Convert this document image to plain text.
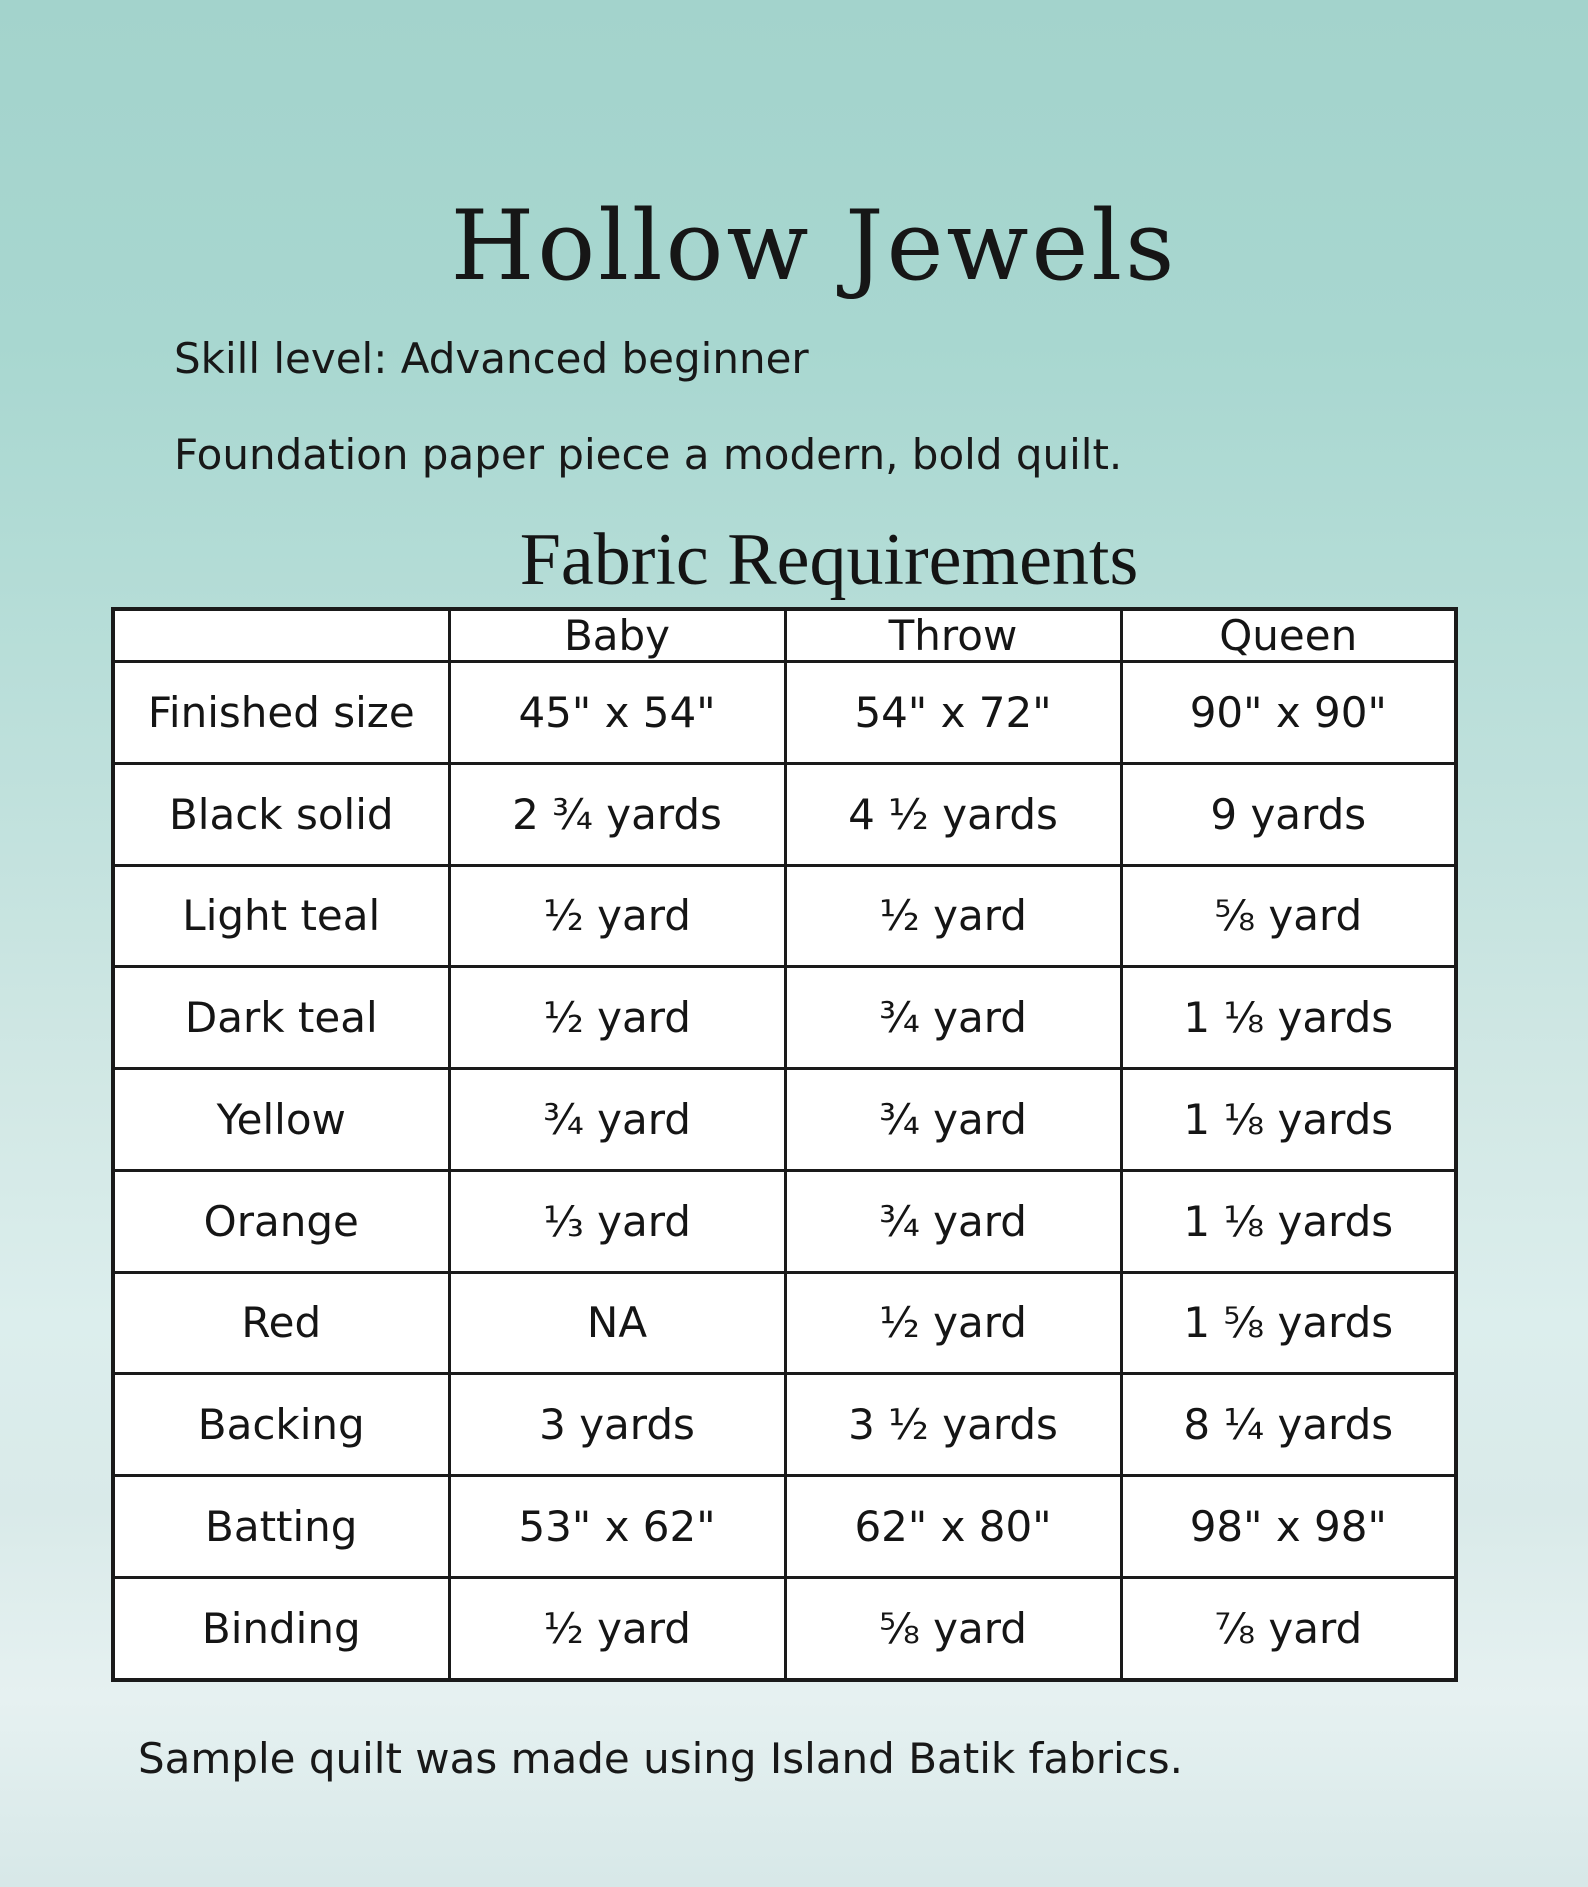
Hollow Jewels
Skill level: Advanced beginner
Foundation paper piece a modern, bold quilt.
Fabric Requirements
	Baby	Throw	Queen
Finished size	45" x 54"	54" x 72"	90" x 90"
Black solid	2 ¾ yards	4 ½ yards	9 yards
Light teal	½ yard	½ yard	⅝ yard
Dark teal	½ yard	¾ yard	1 ⅛ yards
Yellow	¾ yard	¾ yard	1 ⅛ yards
Orange	⅓ yard	¾ yard	1 ⅛ yards
Red	NA	½ yard	1 ⅝ yards
Backing	3 yards	3 ½ yards	8 ¼ yards
Batting	53" x 62"	62" x 80"	98" x 98"
Binding	½ yard	⅝ yard	⅞ yard
Sample quilt was made using Island Batik fabrics.
